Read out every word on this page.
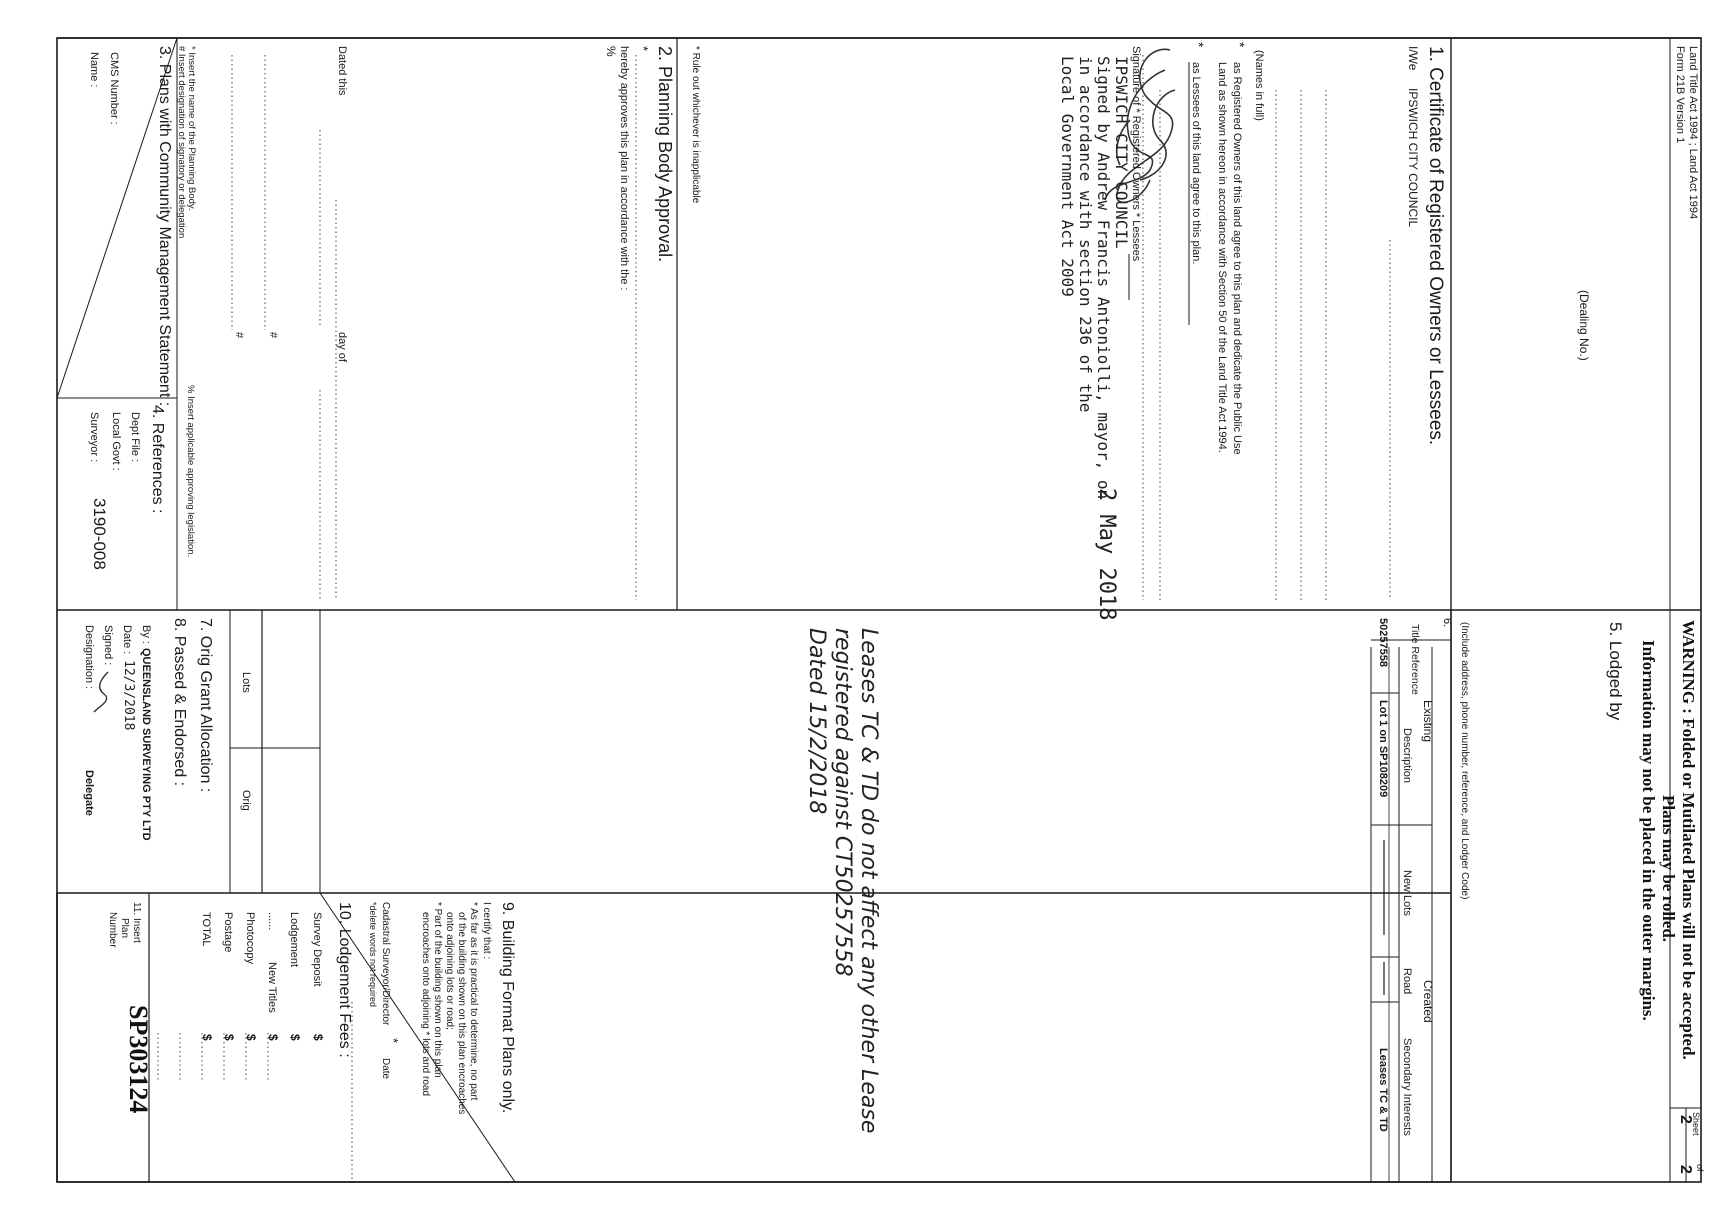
Land Title Act 1994 ; Land Act 1994
Form 21B Version 1
(Dealing No.)
WARNING : Folded or Mutilated Plans will not be accepted.
Plans may be rolled.
Information may not be placed in the outer margins.
Sheet
2
of
2
5. Lodged by
(Include address, phone number, reference, and Lodger Code)
1. Certificate of Registered Owners or Lessees.
I/We
IPSWICH CITY COUNCIL
(Names in full)
*
as Registered Owners of this land agree to this plan and dedicate the Public Use
Land as shown hereon in accordance with Section 50 of the Land Title Act 1994.
*
as Lessees of this land agree to this plan.
Signature of * Registered Owners * Lessees
IPSWICH CITY COUNCIL
Signed by Andrew Francis Antoniolli, mayor, on
2 May 2018
in accordance with section 236 of the
Local Government Act 2009
* Rule out whichever is inapplicable
2. Planning Body Approval.
*
hereby approves this plan in accordance with the :
%
Dated this
day of
#
#
* Insert the name of the Planning Body.
# Insert designation of signatory or delegation
% Insert applicable approving legislation.
3. Plans with Community Management Statement :
CMS Number :
Name :
4. References :
Dept File :
Local Govt :
Surveyor :
3190-008
6.
Existing
Created
Title Reference
Description
New Lots
Road
Secondary Interests
50257558
Lot 1 on SP108209
Leases TC & TD
Leases TC & TD do not affect any other Lease
registered against CT50257558
Dated 15/2/2018
7. Orig Grant Allocation : Lots
Orig
8. Passed & Endorsed :
By :
QUEENSLAND SURVEYING PTY LTD
Date :
12/3/2018
Signed :
Designation :
Delegate
9. Building Format Plans only.
I certify that :
* As far as it is practical to determine, no part
of the building shown on this plan encroaches
onto adjoining lots or road;
* Part of the building shown on this plan
encroaches onto adjoining * lots and road
Cadastral Surveyor/Director
*
Date
*delete words not required
10. Lodgement Fees :
Survey Deposit
Lodgement
......
New Titles
Photocopy
Postage
TOTAL
$
$
$
$
$
$
11. Insert
Plan
Number
SP303124
